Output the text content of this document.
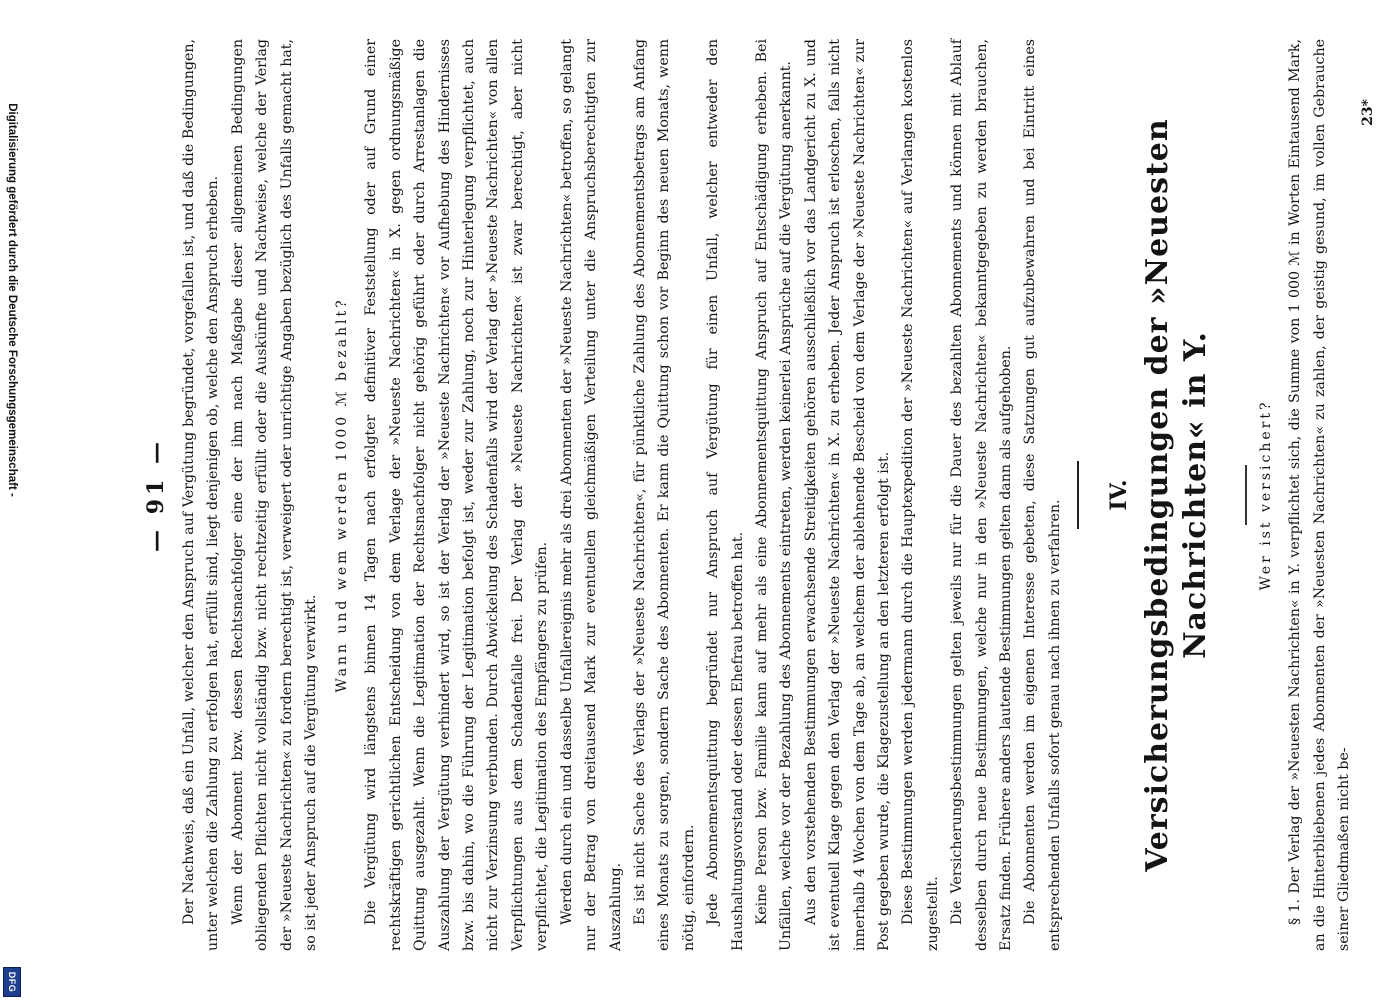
Digitalisierung gefördert durch die Deutsche Forschungsgemeinschaft -
DFG
— 91 — Der Nachweis, daß ein Unfall, welcher den Anspruch auf Vergütung begründet, vorgefallen ist, und daß die Bedingungen, unter welchen die Zahlung zu erfolgen hat, erfüllt sind, liegt denjenigen ob, welche den Anspruch erheben. Wenn der Abonnent bzw. dessen Rechtsnachfolger eine der ihm nach Maßgabe dieser allgemeinen Bedingungen obliegenden Pflichten nicht vollständig bzw. nicht rechtzeitig erfüllt oder die Auskünfte und Nachweise, welche der Verlag der »Neueste Nachrichten« zu fordern berechtigt ist, verweigert oder unrichtige Angaben bezüglich des Unfalls gemacht hat, so ist jeder Anspruch auf die Vergütung verwirkt.

Wann und wem werden 1000 ℳ bezahlt? Die Vergütung wird längstens binnen 14 Tagen nach erfolgter definitiver Feststellung oder auf Grund einer rechtskräftigen gerichtlichen Entscheidung von dem Verlage der »Neueste Nachrichten« in X. gegen ordnungsmäßige Quittung ausgezahlt. Wenn die Legitimation der Rechtsnachfolger nicht gehörig geführt oder durch Arrestanlagen die Auszahlung der Vergütung verhindert wird, so ist der Verlag der »Neueste Nachrichten« vor Aufhebung des Hindernisses bzw. bis dahin, wo die Führung der Legitimation befolgt ist, weder zur Zahlung, noch zur Hinterlegung verpflichtet, auch nicht zur Verzinsung verbunden. Durch Abwickelung des Schadenfalls wird der Verlag der »Neueste Nachrichten« von allen Verpflichtungen aus dem Schadenfalle frei. Der Verlag der »Neueste Nachrichten« ist zwar berechtigt, aber nicht verpflichtet, die Legitimation des Empfängers zu prüfen. Werden durch ein und dasselbe Unfallereignis mehr als drei Abonnenten der »Neueste Nachrichten« betroffen, so gelangt nur der Betrag von dreitausend Mark zur eventuellen gleichmäßigen Verteilung unter die Anspruchsberechtigten zur Auszahlung. Es ist nicht Sache des Verlags der »Neueste Nachrichten«, für pünktliche Zahlung des Abonnementsbetrags am Anfang eines Monats zu sorgen, sondern Sache des Abonnenten. Er kann die Quittung schon vor Beginn des neuen Monats, wenn nötig, einfordern. Jede Abonnementsquittung begründet nur Anspruch auf Vergütung für einen Unfall, welcher entweder den Haushaltungsvorstand oder dessen Ehefrau betroffen hat. Keine Person bzw. Familie kann auf mehr als eine Abonnementsquittung Anspruch auf Entschädigung erheben. Bei Unfällen, welche vor der Bezahlung des Abonnements eintreten, werden keinerlei Ansprüche auf die Vergütung anerkannt. Aus den vorstehenden Bestimmungen erwachsende Streitigkeiten gehören ausschließlich vor das Landgericht zu X. und ist eventuell Klage gegen den Verlag der »Neueste Nachrichten« in X. zu erheben. Jeder Anspruch ist erloschen, falls nicht innerhalb 4 Wochen von dem Tage ab, an welchem der ablehnende Bescheid von dem Verlage der »Neueste Nachrichten« zur Post gegeben wurde, die Klagezustellung an den letzteren erfolgt ist. Diese Bestimmungen werden jedermann durch die Hauptexpedition der »Neueste Nachrichten« auf Verlangen kostenlos zugestellt. Die Versicherungsbestimmungen gelten jeweils nur für die Dauer des bezahlten Abonnements und können mit Ablauf desselben durch neue Bestimmungen, welche nur in den »Neueste Nachrichten« bekanntgegeben zu werden brauchen, Ersatz finden. Frühere anders lautende Bestimmungen gelten dann als aufgehoben. Die Abonnenten werden im eigenen Interesse gebeten, diese Satzungen gut aufzubewahren und bei Eintritt eines entsprechenden Unfalls sofort genau nach ihnen zu verfahren.

IV. Versicherungsbedingungen der »Neuesten Nachrichten« in Y.	Wer ist versichert? § 1. Der Verlag der »Neuesten Nachrichten« in Y. verpflichtet sich, die Summe von 1 000 ℳ in Worten Eintausend Mark, an die Hinterbliebenen jedes Abonnenten der »Neuesten Nachrichten« zu zahlen, der geistig gesund, im vollen Gebrauche seiner Gliedmaßen nicht be-

23*
